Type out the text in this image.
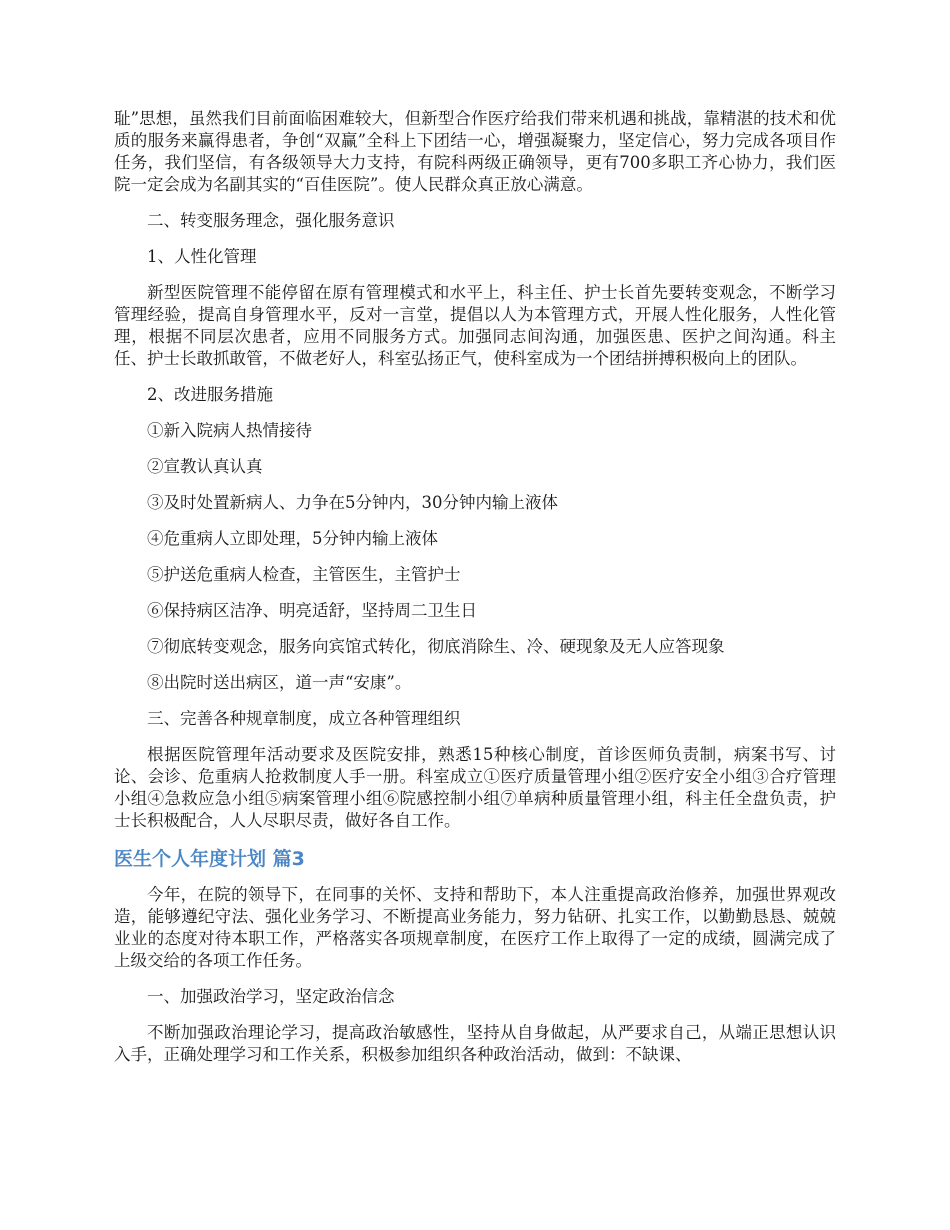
耻”思想，虽然我们目前面临困难较大，但新型合作医疗给我们带来机遇和挑战，靠精湛的技术和优质的服务来赢得患者，争创“双赢”全科上下团结一心，增强凝聚力，坚定信心，努力完成各项目作任务，我们坚信，有各级领导大力支持，有院科两级正确领导，更有700多职工齐心协力，我们医院一定会成为名副其实的“百佳医院”。使人民群众真正放心满意。

二、转变服务理念，强化服务意识

1、人性化管理

新型医院管理不能停留在原有管理模式和水平上，科主任、护士长首先要转变观念，不断学习管理经验，提高自身管理水平，反对一言堂，提倡以人为本管理方式，开展人性化服务，人性化管理，根据不同层次患者，应用不同服务方式。加强同志间沟通，加强医患、医护之间沟通。科主任、护士长敢抓敢管，不做老好人，科室弘扬正气，使科室成为一个团结拼搏积极向上的团队。

2、改进服务措施

①新入院病人热情接待

②宣教认真认真

③及时处置新病人、力争在5分钟内，30分钟内输上液体

④危重病人立即处理，5分钟内输上液体

⑤护送危重病人检查，主管医生，主管护士

⑥保持病区洁净、明亮适舒，坚持周二卫生日

⑦彻底转变观念，服务向宾馆式转化，彻底消除生、冷、硬现象及无人应答现象

⑧出院时送出病区，道一声“安康”。

三、完善各种规章制度，成立各种管理组织

根据医院管理年活动要求及医院安排，熟悉15种核心制度，首诊医师负责制，病案书写、讨论、会诊、危重病人抢救制度人手一册。科室成立①医疗质量管理小组②医疗安全小组③合疗管理小组④急救应急小组⑤病案管理小组⑥院感控制小组⑦单病种质量管理小组，科主任全盘负责，护士长积极配合，人人尽职尽责，做好各自工作。

医生个人年度计划 篇3

今年，在院的领导下，在同事的关怀、支持和帮助下，本人注重提高政治修养，加强世界观改造，能够遵纪守法、强化业务学习、不断提高业务能力，努力钻研、扎实工作，以勤勤恳恳、兢兢业业的态度对待本职工作，严格落实各项规章制度，在医疗工作上取得了一定的成绩，圆满完成了上级交给的各项工作任务。

一、加强政治学习，坚定政治信念

不断加强政治理论学习，提高政治敏感性，坚持从自身做起，从严要求自己，从端正思想认识入手，正确处理学习和工作关系，积极参加组织各种政治活动，做到：不缺课、
